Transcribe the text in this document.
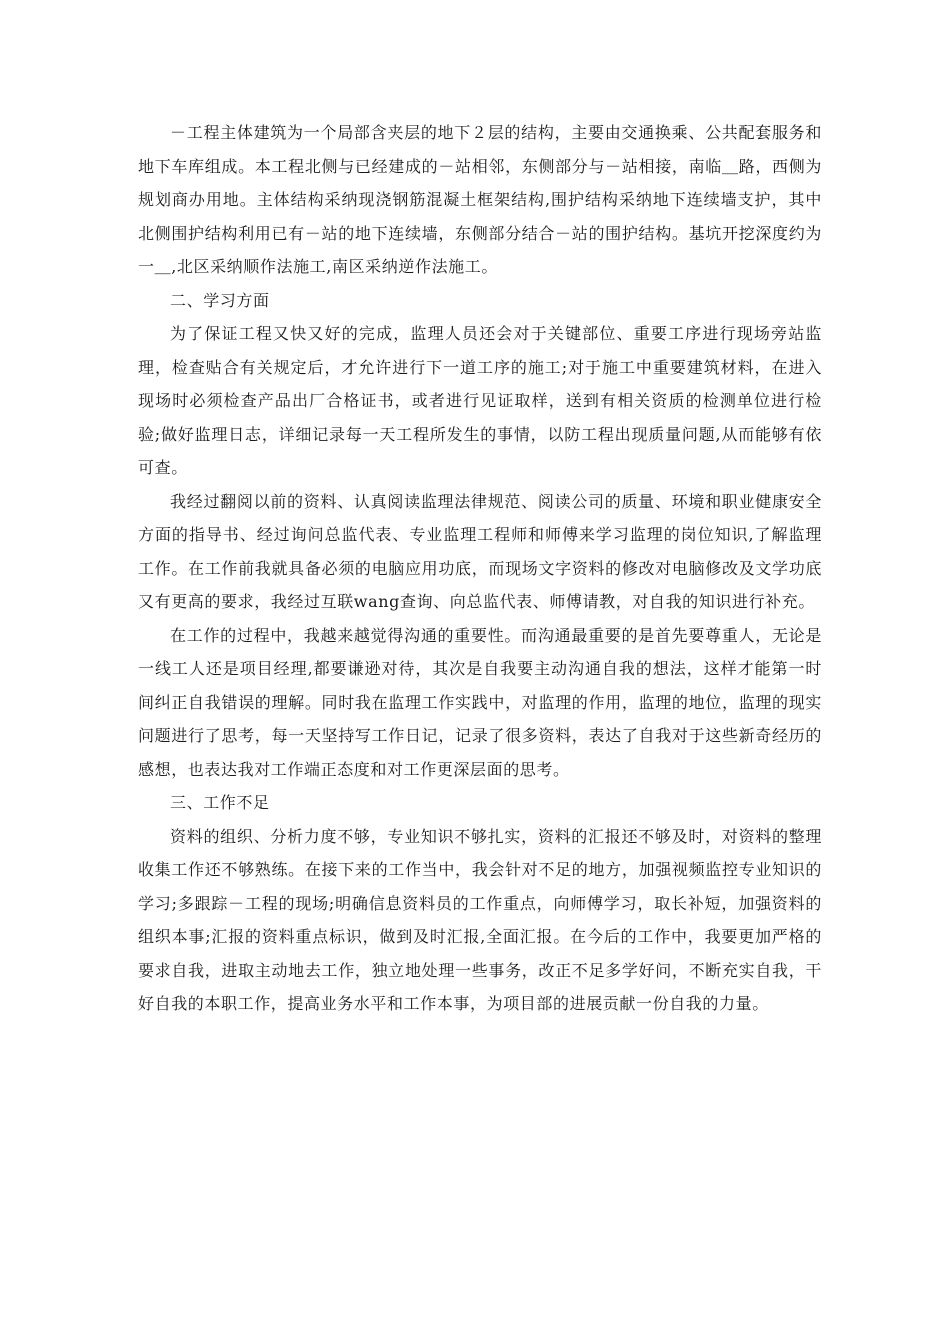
－工程主体建筑为一个局部含夹层的地下２层的结构，主要由交通换乘、公共配套服务和地下车库组成。本工程北侧与已经建成的－站相邻，东侧部分与－站相接，南临＿路，西侧为规划商办用地。主体结构采纳现浇钢筋混凝土框架结构,围护结构采纳地下连续墙支护，其中北侧围护结构利用已有－站的地下连续墙，东侧部分结合－站的围护结构。基坑开挖深度约为一＿,北区采纳顺作法施工,南区采纳逆作法施工。

二、学习方面

为了保证工程又快又好的完成，监理人员还会对于关键部位、重要工序进行现场旁站监理，检查贴合有关规定后，才允许进行下一道工序的施工;对于施工中重要建筑材料，在进入现场时必须检查产品出厂合格证书，或者进行见证取样，送到有相关资质的检测单位进行检验;做好监理日志，详细记录每一天工程所发生的事情，以防工程出现质量问题,从而能够有依可查。

我经过翻阅以前的资料、认真阅读监理法律规范、阅读公司的质量、环境和职业健康安全方面的指导书、经过询问总监代表、专业监理工程师和师傅来学习监理的岗位知识,了解监理工作。在工作前我就具备必须的电脑应用功底，而现场文字资料的修改对电脑修改及文学功底又有更高的要求，我经过互联wang查询、向总监代表、师傅请教，对自我的知识进行补充。

在工作的过程中，我越来越觉得沟通的重要性。而沟通最重要的是首先要尊重人，无论是一线工人还是项目经理,都要谦逊对待，其次是自我要主动沟通自我的想法，这样才能第一时间纠正自我错误的理解。同时我在监理工作实践中，对监理的作用，监理的地位，监理的现实问题进行了思考，每一天坚持写工作日记，记录了很多资料，表达了自我对于这些新奇经历的感想，也表达我对工作端正态度和对工作更深层面的思考。

三、工作不足

资料的组织、分析力度不够，专业知识不够扎实，资料的汇报还不够及时，对资料的整理收集工作还不够熟练。在接下来的工作当中，我会针对不足的地方，加强视频监控专业知识的学习;多跟踪－工程的现场;明确信息资料员的工作重点，向师傅学习，取长补短，加强资料的组织本事;汇报的资料重点标识，做到及时汇报,全面汇报。在今后的工作中，我要更加严格的要求自我，进取主动地去工作，独立地处理一些事务，改正不足多学好问，不断充实自我，干好自我的本职工作，提高业务水平和工作本事，为项目部的进展贡献一份自我的力量。
